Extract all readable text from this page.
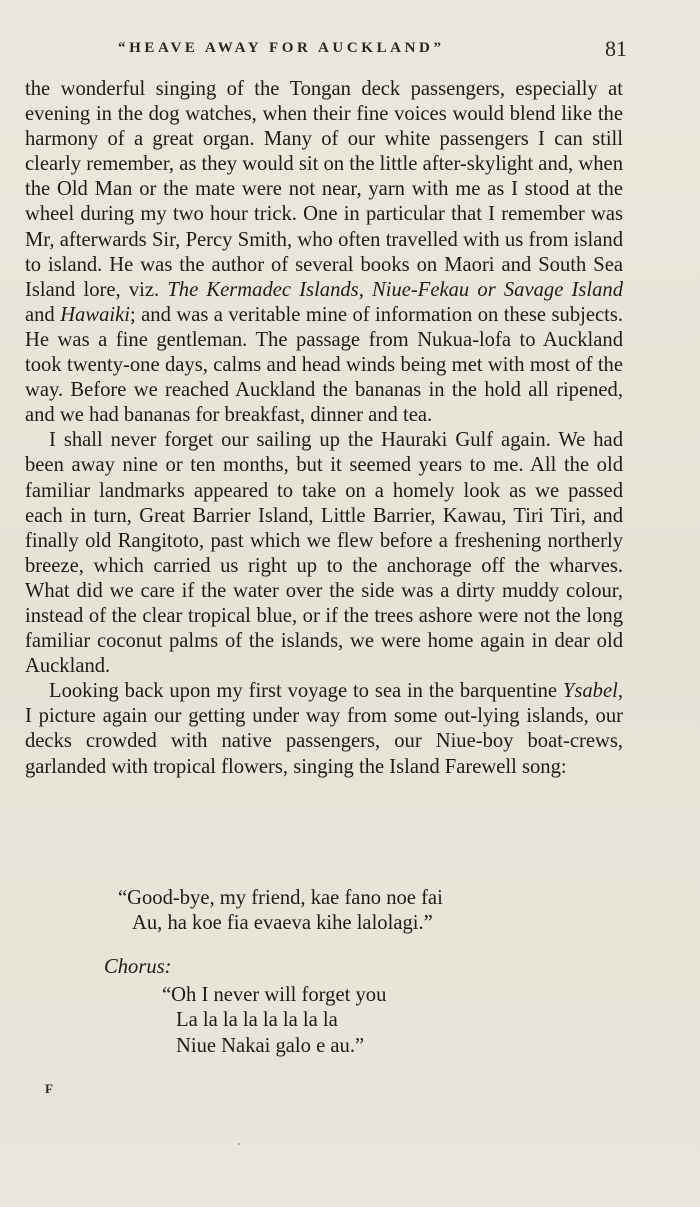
“HEAVE AWAY FOR AUCKLAND”	81

the wonderful singing of the Tongan deck passengers, especially at evening in the dog watches, when their fine voices would blend like the harmony of a great organ. Many of our white passengers I can still clearly remember, as they would sit on the little after-skylight and, when the Old Man or the mate were not near, yarn with me as I stood at the wheel during my two hour trick. One in particular that I remember was Mr, afterwards Sir, Percy Smith, who often travelled with us from island to island. He was the author of several books on Maori and South Sea Island lore, viz. The Kermadec Islands, Niue-Fekau or Savage Island and Hawaiki; and was a veritable mine of information on these subjects. He was a fine gentleman. The passage from Nukua-lofa to Auckland took twenty-one days, calms and head winds being met with most of the way. Before we reached Auckland the bananas in the hold all ripened, and we had bananas for breakfast, dinner and tea.

I shall never forget our sailing up the Hauraki Gulf again. We had been away nine or ten months, but it seemed years to me. All the old familiar landmarks appeared to take on a homely look as we passed each in turn, Great Barrier Island, Little Barrier, Kawau, Tiri Tiri, and finally old Rangitoto, past which we flew before a freshening northerly breeze, which carried us right up to the anchorage off the wharves. What did we care if the water over the side was a dirty muddy colour, instead of the clear tropical blue, or if the trees ashore were not the long familiar coconut palms of the islands, we were home again in dear old Auckland.

Looking back upon my first voyage to sea in the barquentine Ysabel, I picture again our getting under way from some out-lying islands, our decks crowded with native passengers, our Niue-boy boat-crews, garlanded with tropical flowers, singing the Island Farewell song:

“Good-bye, my friend, kae fano noe fai
Au, ha koe fia evaeva kihe lalolagi.”
Chorus:
“Oh I never will forget you
La la la la la la la la
Niue Nakai galo e au.”
F
